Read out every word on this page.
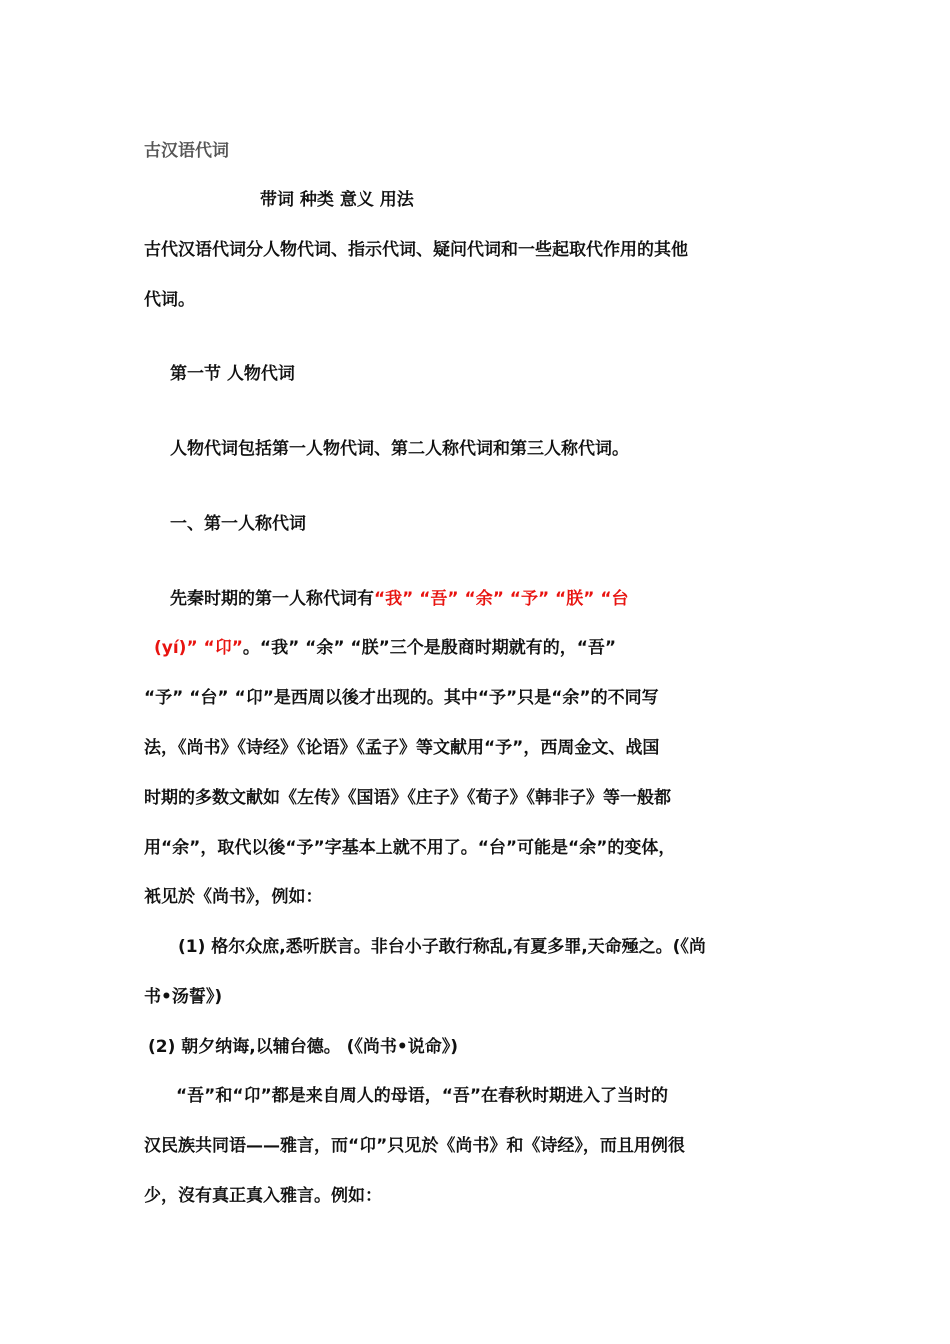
古汉语代词
带词 种类 意义 用法
古代汉语代词分人物代词、指示代词、疑问代词和一些起取代作用的其他
代词。
第一节 人物代词
人物代词包括第一人物代词、第二人称代词和第三人称代词。
一、第一人称代词
先秦时期的第一人称代词有“我” “吾” “余” “予” “朕” “台
(yí)” “卬”。“我” “余” “朕”三个是殷商时期就有的，“吾”
“予” “台” “卬”是西周以後才出现的。其中“予”只是“余”的不同写
法，《尚书》《诗经》《论语》《孟子》等文献用“予”，西周金文、战国
时期的多数文献如《左传》《国语》《庄子》《荀子》《韩非子》等一般都
用“余”，取代以後“予”字基本上就不用了。“台”可能是“余”的变体，
衹见於《尚书》，例如：
(1) 格尔众庶,悉听朕言。非台小子敢行称乱,有夏多罪,天命殛之。(《尚
书•汤誓》)
(2) 朝夕纳诲,以辅台德。 (《尚书•说命》)
“吾”和“卬”都是来自周人的母语，“吾”在春秋时期进入了当时的
汉民族共同语——雅言，而“卬”只见於《尚书》和《诗经》，而且用例很
少，沒有真正真入雅言。例如：
